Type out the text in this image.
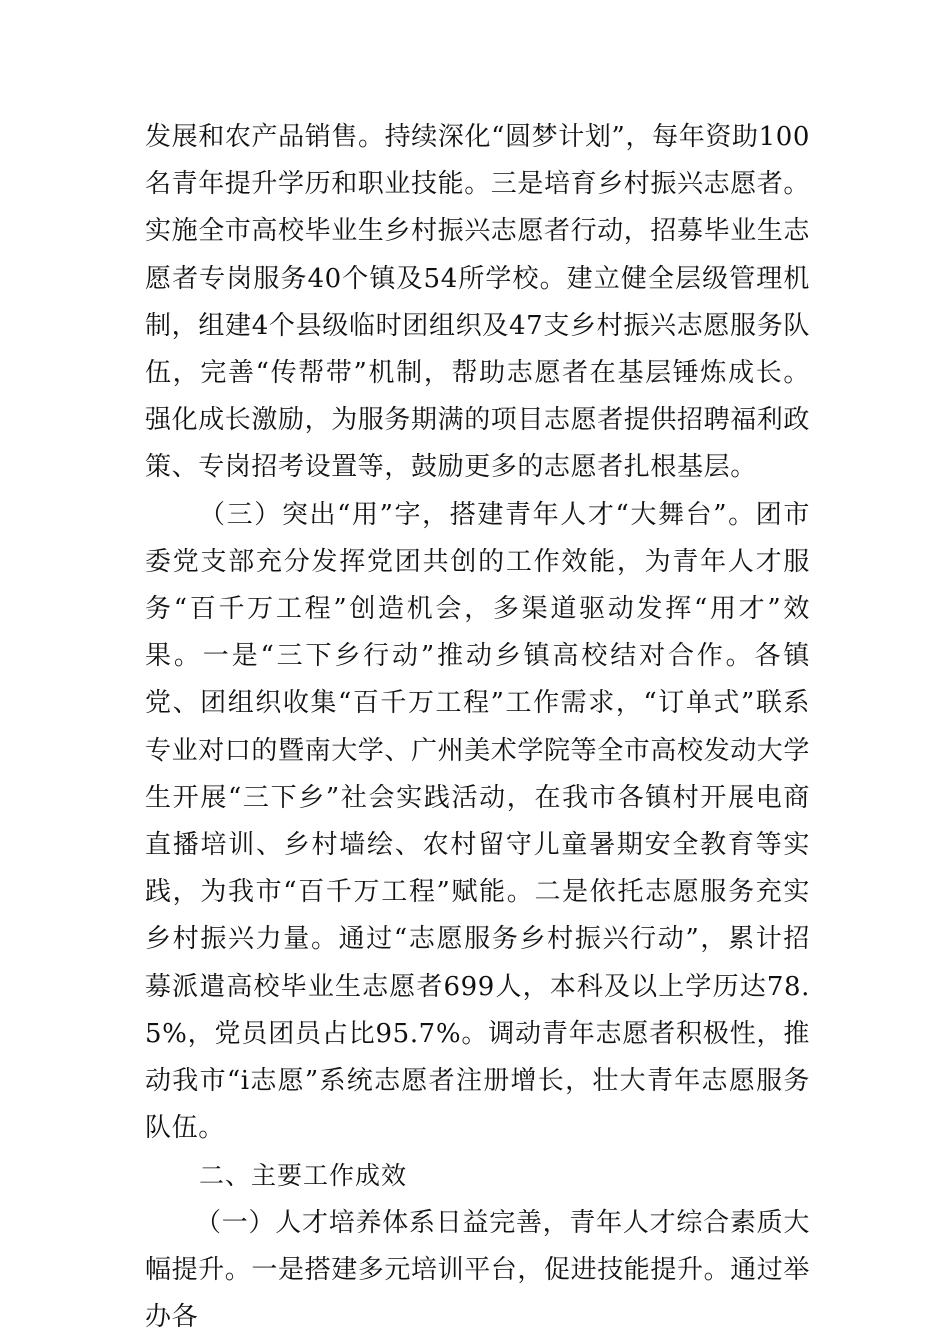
发展和农产品销售。持续深化“圆梦计划”，每年资助100名青年提升学历和职业技能。三是培育乡村振兴志愿者。实施全市高校毕业生乡村振兴志愿者行动，招募毕业生志愿者专岗服务40个镇及54所学校。建立健全层级管理机制，组建4个县级临时团组织及47支乡村振兴志愿服务队伍，完善“传帮带”机制，帮助志愿者在基层锤炼成长。强化成长激励，为服务期满的项目志愿者提供招聘福利政策、专岗招考设置等，鼓励更多的志愿者扎根基层。

（三）突出“用”字，搭建青年人才“大舞台”。团市委党支部充分发挥党团共创的工作效能，为青年人才服务“百千万工程”创造机会，多渠道驱动发挥“用才”效果。一是“三下乡行动”推动乡镇高校结对合作。各镇党、团组织收集“百千万工程”工作需求，“订单式”联系专业对口的暨南大学、广州美术学院等全市高校发动大学生开展“三下乡”社会实践活动，在我市各镇村开展电商直播培训、乡村墙绘、农村留守儿童暑期安全教育等实践，为我市“百千万工程”赋能。二是依托志愿服务充实乡村振兴力量。通过“志愿服务乡村振兴行动”，累计招募派遣高校毕业生志愿者699人，本科及以上学历达78.5%，党员团员占比95.7%。调动青年志愿者积极性，推动我市“i志愿”系统志愿者注册增长，壮大青年志愿服务队伍。

二、主要工作成效

（一）人才培养体系日益完善，青年人才综合素质大幅提升。一是搭建多元培训平台，促进技能提升。通过举办各
